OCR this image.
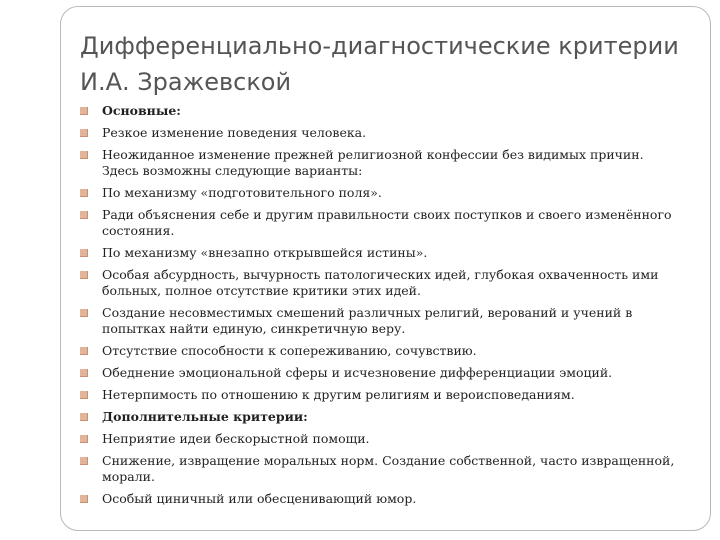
Дифференциально-диагностические критерии И.А. Зражевской
Основные:
Резкое изменение поведения человека.
Неожиданное изменение прежней религиозной конфессии без видимых причин. Здесь возможны следующие варианты:
По механизму «подготовительного поля».
Ради объяснения себе и другим правильности своих поступков и своего изменённого состояния.
По механизму «внезапно открывшейся истины».
Особая абсурдность, вычурность патологических идей, глубокая охваченность ими больных, полное отсутствие критики этих идей.
Создание несовместимых смешений различных религий, верований и учений в попытках найти единую, синкретичную веру.
Отсутствие способности к сопереживанию, сочувствию.
Обеднение эмоциональной сферы и исчезновение дифференциации эмоций.
Нетерпимость по отношению к другим религиям и вероисповеданиям.
Дополнительные критерии:
Неприятие идеи бескорыстной помощи.
Снижение, извращение моральных норм. Создание собственной, часто извращенной, морали.
Особый циничный или обесценивающий юмор.
